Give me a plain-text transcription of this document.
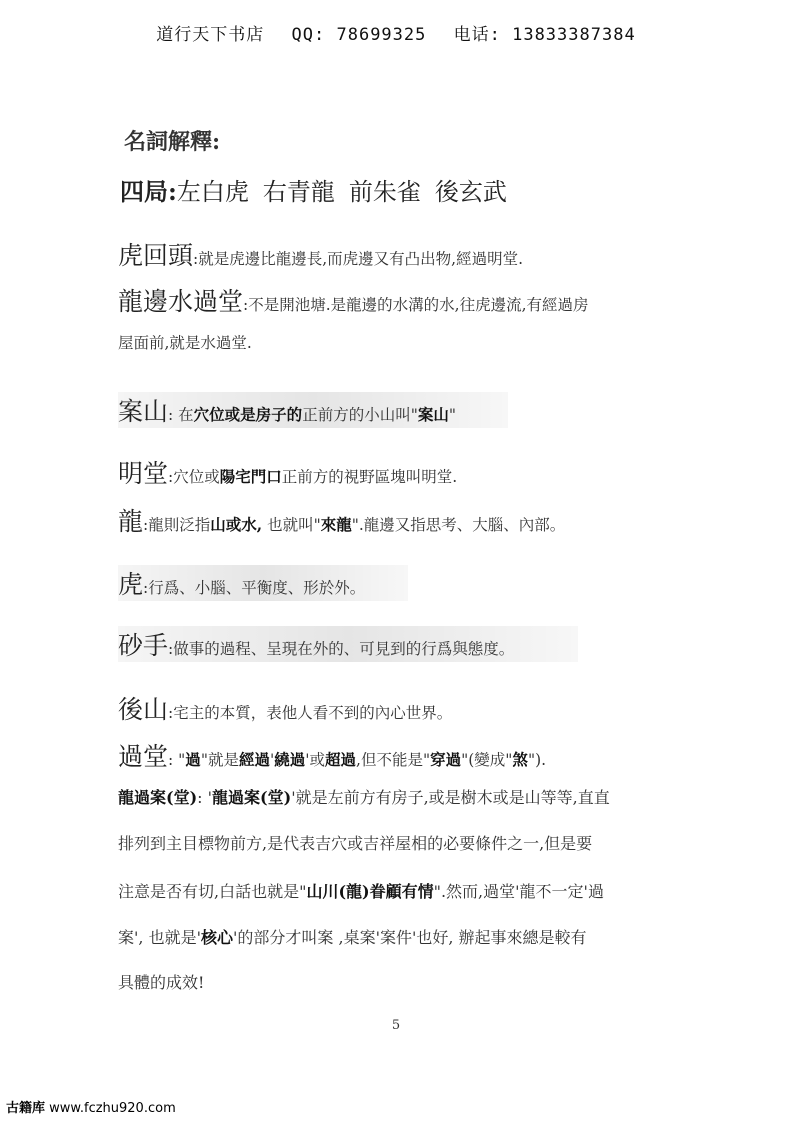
道行天下书店 QQ: 78699325 电话: 13833387384
名詞解釋:
四局:左白虎 右青龍 前朱雀 後玄武
虎回頭:就是虎邊比龍邊長,而虎邊又有凸出物,經過明堂.
龍邊水過堂:不是開池塘.是龍邊的水溝的水,往虎邊流,有經過房
屋面前,就是水過堂.
案山: 在穴位或是房子的正前方的小山叫"案山"
明堂:穴位或陽宅門口正前方的視野區塊叫明堂.
龍:龍則泛指山或水, 也就叫"來龍".龍邊又指思考、大腦、內部。
虎:行爲、小腦、平衡度、形於外。
砂手:做事的過程、呈現在外的、可見到的行爲與態度。
後山:宅主的本質，表他人看不到的內心世界。
過堂: "過"就是經過'繞過'或超過,但不能是"穿過"(變成"煞").
龍過案(堂): '龍過案(堂)'就是左前方有房子,或是樹木或是山等等,直直
排列到主目標物前方,是代表吉穴或吉祥屋相的必要條件之一,但是要
注意是否有切,白話也就是"山川(龍)眷顧有情".然而,過堂'龍不一定'過
案', 也就是'核心'的部分才叫案 ,桌案'案件'也好, 辦起事來總是較有
具體的成效!
5
古籍库 www.fczhu920.com
